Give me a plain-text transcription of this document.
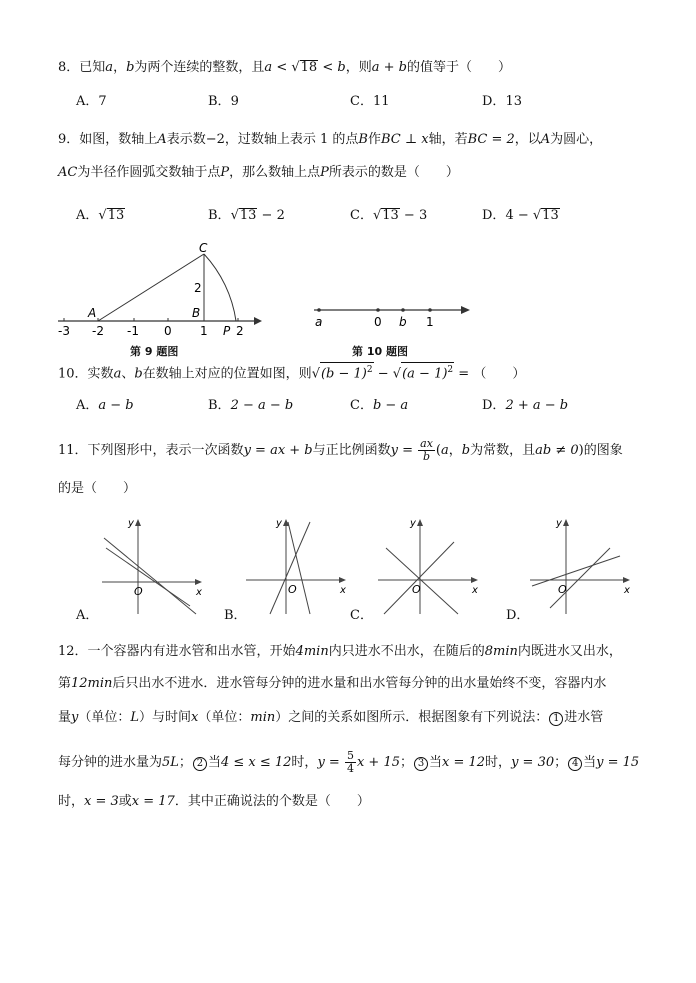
8．已知a，b为两个连续的整数，且a < √18 < b，则a + b的值等于（　　）
A．7	B．9	C．11	D．13
9．如图，数轴上A表示数−2，过数轴上表示 1 的点B作BC ⊥ x轴，若BC = 2，以A为圆心，
AC为半径作圆弧交数轴于点P，那么数轴上点P所表示的数是（　　）
A．√13	B．√13 − 2	C．√13 − 3	D．4 − √13
C
A	B
P
2
-3 -2 -1 0 1 2
第 9 题图
a	0 b 1
第 10 题图
10．实数a、b在数轴上对应的位置如图，则$√(b - 1)^2 - √(a - 1)^2$ = （　　）
A．a − b	B．2 − a − b	C．b − a	D．2 + a − b
11．下列图形中，表示一次函数y = ax + b与正比例函数$y = \frac{ax}{b} (a$，b为常数，且ab ≠ 0)的图象
的是（　　）
y
x
O
y
x
O
y
x
O
y
x
O
A．	B．	C．	D．
12．一个容器内有进水管和出水管，开始4min内只进水不出水，在随后的8min内既进水又出水，
第12min后只出水不进水．进水管每分钟的进水量和出水管每分钟的出水量始终不变，容器内水
量y（单位：L）与时间x（单位：min）之间的关系如图所示．根据图象有下列说法： 1 进水管
每分钟的进水量为5L； 2 当4 ≤ x ≤ 12时，$y = \frac{5}{4}$ x + 15； 3 当x = 12时，y = 30； 4 当y = 15
时，x = 3或x = 17．其中正确说法的个数是（　　）
